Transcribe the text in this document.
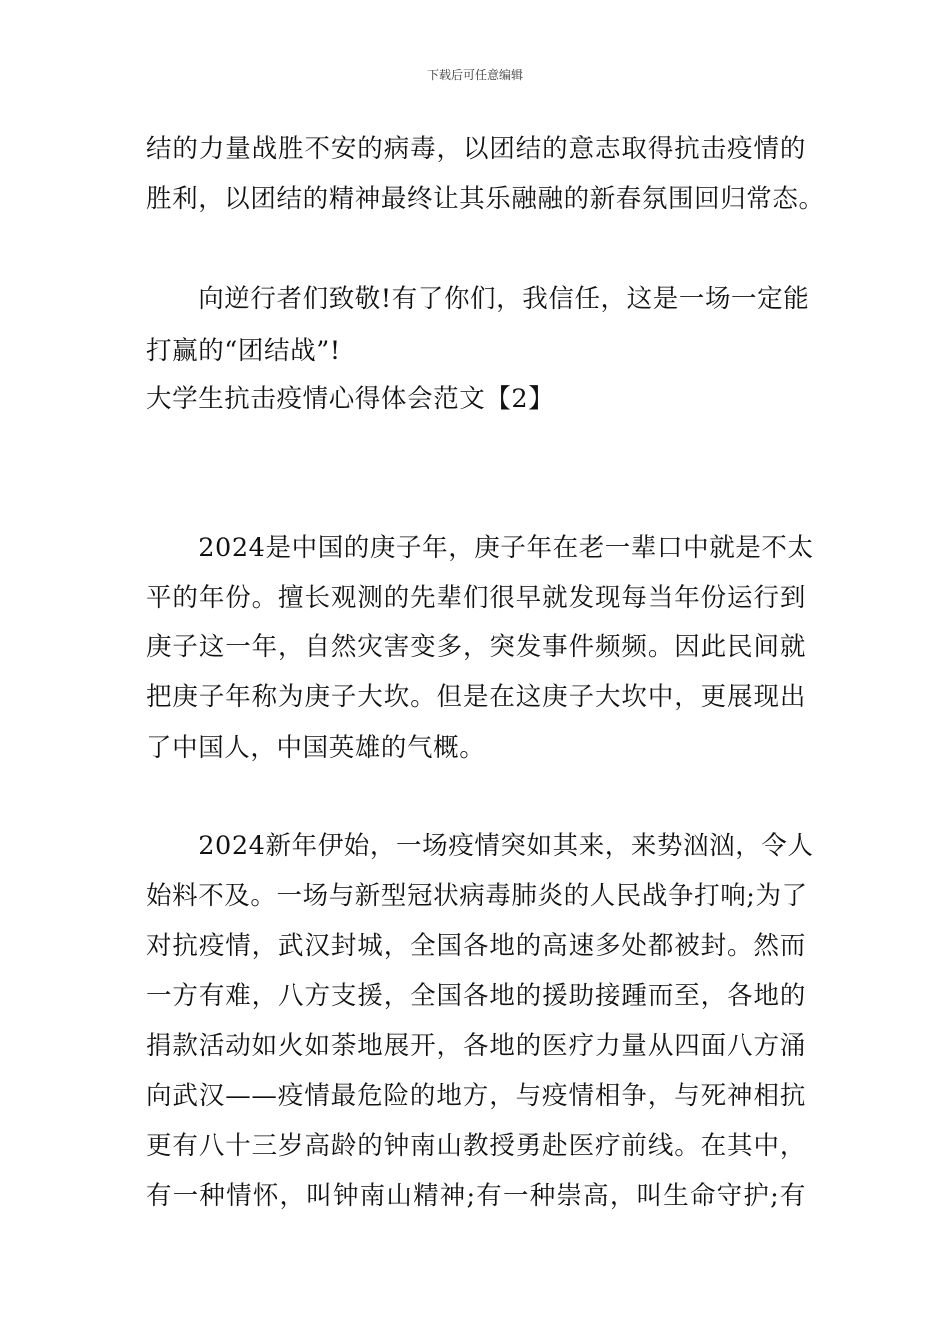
下载后可任意编辑
结的力量战胜不安的病毒，以团结的意志取得抗击疫情的
胜利，以团结的精神最终让其乐融融的新春氛围回归常态。
　　向逆行者们致敬!有了你们，我信任，这是一场一定能
打赢的“团结战”!
大学生抗击疫情心得体会范文【2】
　　2024是中国的庚子年，庚子年在老一辈口中就是不太
平的年份。擅长观测的先辈们很早就发现每当年份运行到
庚子这一年，自然灾害变多，突发事件频频。因此民间就
把庚子年称为庚子大坎。但是在这庚子大坎中，更展现出
了中国人，中国英雄的气概。
　　2024新年伊始，一场疫情突如其来，来势汹汹，令人
始料不及。一场与新型冠状病毒肺炎的人民战争打响;为了
对抗疫情，武汉封城，全国各地的高速多处都被封。然而
一方有难，八方支援，全国各地的援助接踵而至，各地的
捐款活动如火如荼地展开，各地的医疗力量从四面八方涌
向武汉——疫情最危险的地方，与疫情相争，与死神相抗
更有八十三岁高龄的钟南山教授勇赴医疗前线。在其中，
有一种情怀，叫钟南山精神;有一种崇高，叫生命守护;有
